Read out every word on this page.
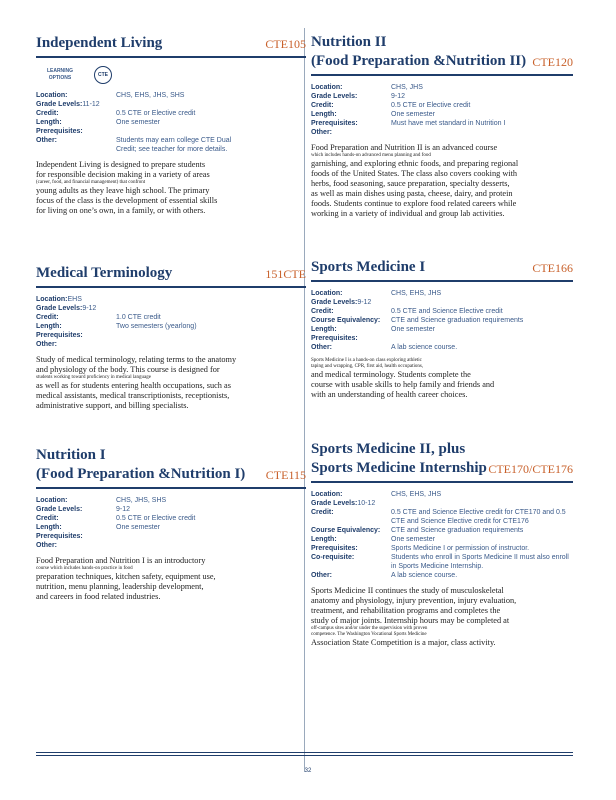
Independent Living	CTE105
LEARNING OPTIONS	CTE
Location:	CHS, EHS, JHS, SHS
Grade Levels: 11-12
Credit:	0.5 CTE or Elective credit
Length:	One semester
Prerequisites:
Other:	Students may earn college CTE Dual Credit; see teacher for more details.
Independent Living is designed to prepare students
for responsible decision making in a variety of areas
(career, food, and financial management) that confront
young adults as they leave high school. The primary
focus of the class is the development of essential skills
for living on one’s own, in a family, or with others.
Medical Terminology	151CTE
Location: EHS
Grade Levels: 9-12
Credit:	1.0 CTE credit
Length:	Two semesters (yearlong)
Prerequisites:
Other:
Study of medical terminology, relating terms to the anatomy
and physiology of the body. This course is designed for
students working toward proficiency in medical language
as well as for students entering health occupations, such as
medical assistants, medical transcriptionists, receptionists,
administrative support, and billing specialists.
Nutrition I
(Food Preparation &Nutrition I)	CTE115
Location:	CHS, JHS, SHS
Grade Levels:	9-12
Credit:	0.5 CTE or Elective credit
Length:	One semester
Prerequisites:
Other:
Food Preparation and Nutrition I is an introductory
course which includes hands-on practice in food
preparation techniques, kitchen safety, equipment use,
nutrition, menu planning, leadership development,
and careers in food related industries.
Nutrition II
(Food Preparation &Nutrition II) CTE120
Location:	CHS, JHS
Grade Levels:	9-12
Credit:	0.5 CTE or Elective credit
Length:	One semester
Prerequisites:	Must have met standard in Nutrition I
Other:
Food Preparation and Nutrition II is an advanced course
which includes hands-on advanced menu planning and food
garnishing, and exploring ethnic foods, and preparing regional
foods of the United States. The class also covers cooking with
herbs, food seasoning, sauce preparation, specialty desserts,
as well as main dishes using pasta, cheese, dairy, and protein
foods. Students continue to explore food related careers while
working in a variety of individual and group lab activities.
Sports Medicine I	CTE166
Location:	CHS, EHS, JHS
Grade Levels: 9-12
Credit:	0.5 CTE and Science Elective credit
Course Equivalency:	CTE and Science graduation requirements
Length:	One semester
Prerequisites:
Other:	A lab science course.
Sports Medicine I is a hands-on class exploring athletic
taping and wrapping, CPR, first aid, health occupations,
and medical terminology. Students complete the
course with usable skills to help family and friends and
with an understanding of health career choices.
Sports Medicine II, plus
Sports Medicine Internship CTE170/CTE176
Location:	CHS, EHS, JHS
Grade Levels: 10-12
Credit:	0.5 CTE and Science Elective credit for CTE170 and 0.5 CTE and Science Elective credit for CTE176
Course Equivalency:	CTE and Science graduation requirements
Length:	One semester
Prerequisites:	Sports Medicine I or permission of instructor.
Co-requisite:	Students who enroll in Sports Medicine II must also enroll in Sports Medicine Internship.
Other:	A lab science course.
Sports Medicine II continues the study of musculoskeletal
anatomy and physiology, injury prevention, injury evaluation,
treatment, and rehabilitation programs and completes the
study of major joints. Internship hours may be completed at
off-campus sites and/or under the supervision with proven
competence. The Washington Vocational Sports Medicine
Association State Competition is a major, class activity.
32
